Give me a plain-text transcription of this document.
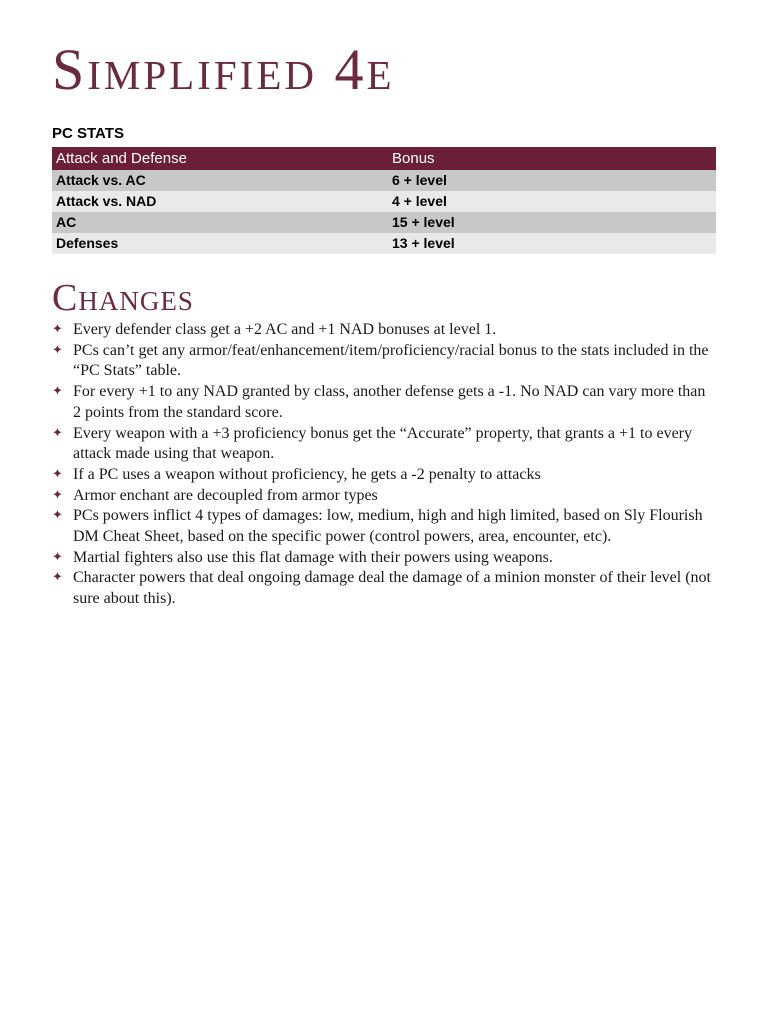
Simplified 4e
PC STATS
Attack and Defense	Bonus
Attack vs. AC	6 + level
Attack vs. NAD	4 + level
AC	15 + level
Defenses	13 + level
Changes
✦ Every defender class get a +2 AC and +1 NAD bonuses at level 1.
✦ PCs can’t get any armor/feat/enhancement/item/proficiency/racial bonus to the stats included in the “PC Stats” table.
✦ For every +1 to any NAD granted by class, another defense gets a -1. No NAD can vary more than 2 points from the standard score.
✦ Every weapon with a +3 proficiency bonus get the “Accurate” property, that grants a +1 to every attack made using that weapon.
✦ If a PC uses a weapon without proficiency, he gets a -2 penalty to attacks
✦ Armor enchant are decoupled from armor types
✦ PCs powers inflict 4 types of damages: low, medium, high and high limited, based on Sly Flourish DM Cheat Sheet, based on the specific power (control powers, area, encounter, etc).
✦ Martial fighters also use this flat damage with their powers using weapons.
✦ Character powers that deal ongoing damage deal the damage of a minion monster of their level (not sure about this).
